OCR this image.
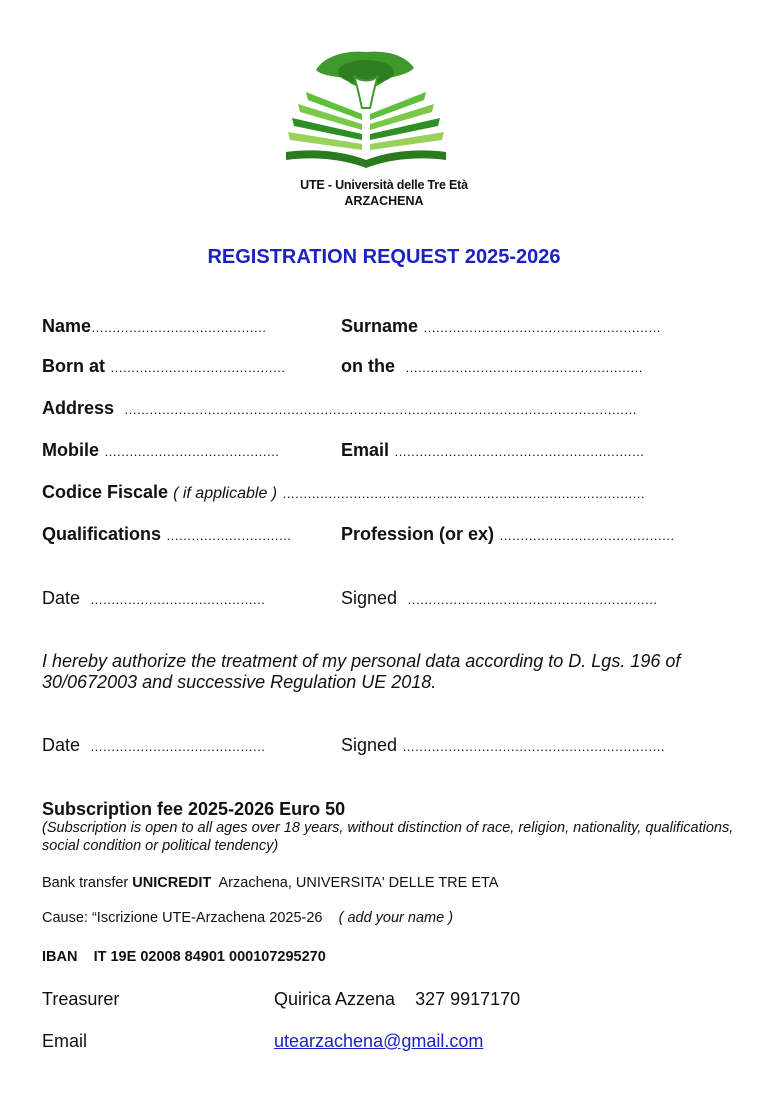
UTE - Università delle Tre Età
ARZACHENA
REGISTRATION REQUEST 2025-2026
Name……………………………………	Surname …………………………………………………
Born at ……………………………………	on the …………………………………………………
Address ……………………………………………………………………………………………………………
Mobile ……………………………………	Email ……………………………………………………
Codice Fiscale ( if applicable ) ……………………………………………………………………………
Qualifications …………………………	Profession (or ex) ……………………………………
Date ……………………………………	Signed ……………………………………………………
I hereby authorize the treatment of my personal data according to D. Lgs. 196 of 30/0672003 and successive Regulation UE 2018.
Date ……………………………………	Signed ………………………………………………………
Subscription fee 2025-2026 Euro 50
(Subscription is open to all ages over 18 years, without distinction of race, religion, nationality, qualifications, social condition or political tendency)
Bank transfer UNICREDIT Arzachena, UNIVERSITA' DELLE TRE ETA
Cause: “Iscrizione UTE-Arzachena 2025-26 ( add your name )
IBAN IT 19E 02008 84901 000107295270
Treasurer	Quirica Azzena 327 9917170
Email	utearzachena@gmail.com
